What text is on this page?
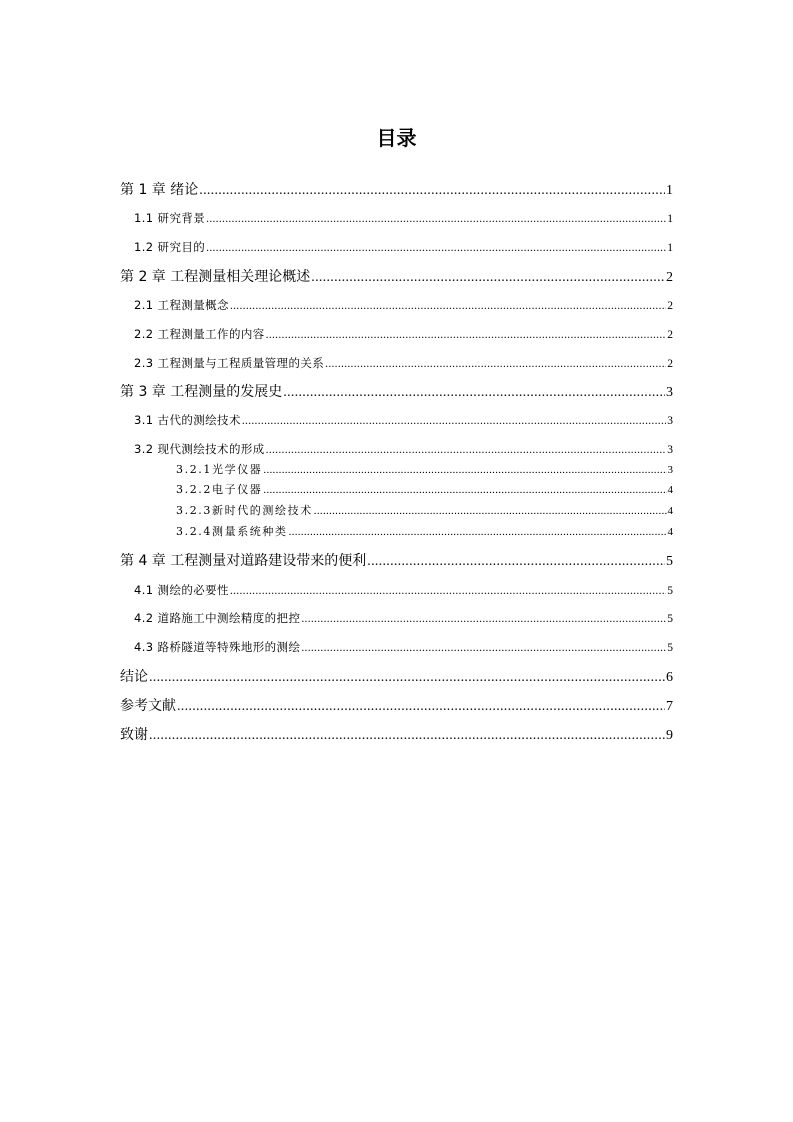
目录
第 1 章 绪论 .....	1
1.1 研究背景 .....	1
1.2 研究目的 .....	1
第 2 章 工程测量相关理论概述 .....	2
2.1 工程测量概念 .....	2
2.2 工程测量工作的内容 .....	2
2.3 工程测量与工程质量管理的关系 .....	2
第 3 章 工程测量的发展史 .....	3
3.1 古代的测绘技术 .....	3
3.2 现代测绘技术的形成 .....	3
3.2.1光学仪器 .....	3
3.2.2电子仪器 .....	4
3.2.3新时代的测绘技术 .....	4
3.2.4测量系统种类 .....	4
第 4 章 工程测量对道路建设带来的便利 .....	5
4.1 测绘的必要性 .....	5
4.2 道路施工中测绘精度的把控 .....	5
4.3 路桥隧道等特殊地形的测绘 .....	5
结论 .....	6
参考文献 .....	7
致谢 .....	9
